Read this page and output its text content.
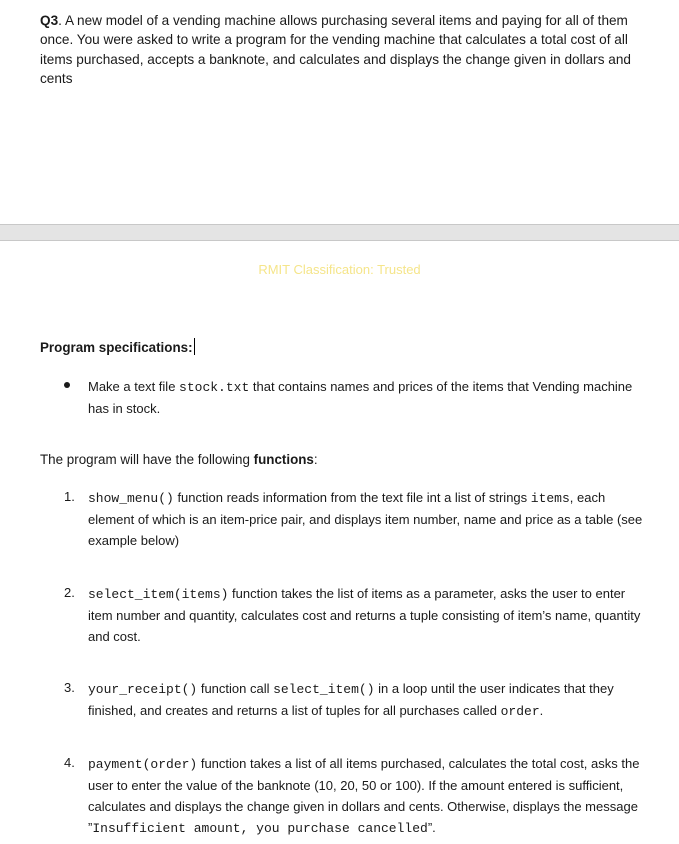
Q3. A new model of a vending machine allows purchasing several items and paying for all of them once. You were asked to write a program for the vending machine that calculates a total cost of all items purchased, accepts a banknote, and calculates and displays the change given in dollars and cents
RMIT Classification: Trusted
Program specifications:
Make a text file stock.txt that contains names and prices of the items that Vending machine has in stock.
The program will have the following functions:
1. show_menu() function reads information from the text file int a list of strings items, each element of which is an item-price pair, and displays item number, name and price as a table (see example below)
2. select_item(items) function takes the list of items as a parameter, asks the user to enter item number and quantity, calculates cost and returns a tuple consisting of item’s name, quantity and cost.
3. your_receipt() function call select_item() in a loop until the user indicates that they finished, and creates and returns a list of tuples for all purchases called order.
4. payment(order) function takes a list of all items purchased, calculates the total cost, asks the user to enter the value of the banknote (10, 20, 50 or 100). If the amount entered is sufficient, calculates and displays the change given in dollars and cents. Otherwise, displays the message ”Insufficient amount, you purchase cancelled”.
